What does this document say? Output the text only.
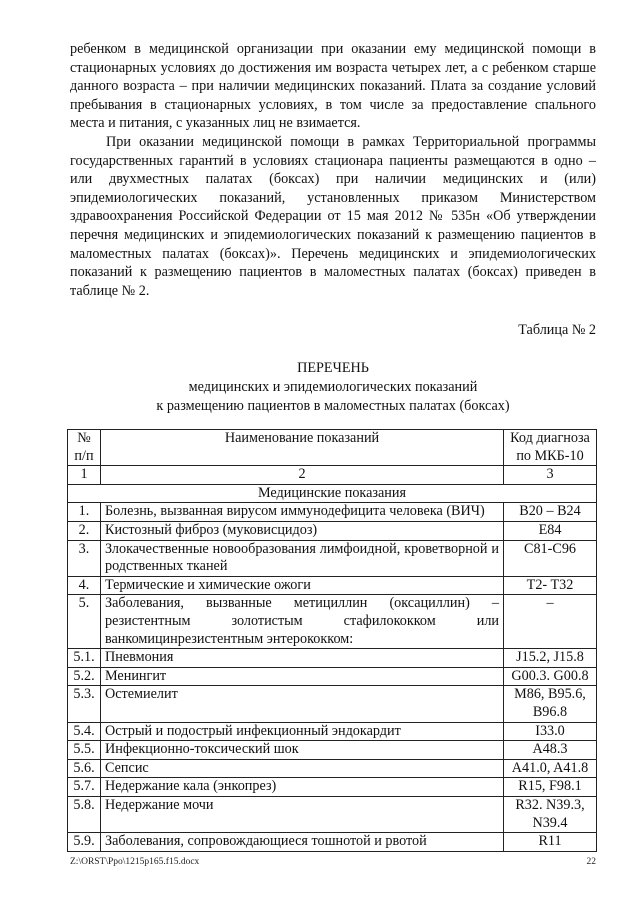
ребенком в медицинской организации при оказании ему медицинской помощи в стационарных условиях до достижения им возраста четырех лет, а с ребенком старше данного возраста – при наличии медицинских показаний. Плата за создание условий пребывания в стационарных условиях, в том числе за предоставление спального места и питания, с указанных лиц не взимается.

При оказании медицинской помощи в рамках Территориальной программы государственных гарантий в условиях стационара пациенты размещаются в одно – или двухместных палатах (боксах) при наличии медицинских и (или) эпидемиологических показаний, установленных приказом Министерством здравоохранения Российской Федерации от 15 мая 2012 № 535н «Об утверждении перечня медицинских и эпидемиологических показаний к размещению пациентов в маломестных палатах (боксах)». Перечень медицинских и эпидемиологических показаний к размещению пациентов в маломестных палатах (боксах) приведен в таблице № 2.

Таблица № 2
ПЕРЕЧЕНЬ
медицинских и эпидемиологических показаний
к размещению пациентов в маломестных палатах (боксах)
№ п/п	Наименование показаний	Код диагноза по МКБ-10
1	2	3
Медицинские показания		
1.	Болезнь, вызванная вирусом иммунодефицита человека (ВИЧ)	B20 – B24
2.	Кистозный фиброз (муковисцидоз)	E84
3.	Злокачественные новообразования лимфоидной, кроветворной и родственных тканей	C81-C96
4.	Термические и химические ожоги	T2- T32
5.	Заболевания, вызванные метициллин (оксациллин) – резистентным золотистым стафилококком или ванкомицинрезистентным энтерококком:	–
5.1.	Пневмония	J15.2, J15.8
5.2.	Менингит	G00.3. G00.8
5.3.	Остемиелит	M86, B95.6, B96.8
5.4.	Острый и подострый инфекционный эндокардит	I33.0
5.5.	Инфекционно-токсический шок	A48.3
5.6.	Сепсис	A41.0, A41.8
5.7.	Недержание кала (энкопрез)	R15, F98.1
5.8.	Недержание мочи	R32. N39.3, N39.4
5.9.	Заболевания, сопровождающиеся тошнотой и рвотой	R11
Z:\ORST\Ppo\1215p165.f15.docx	22
